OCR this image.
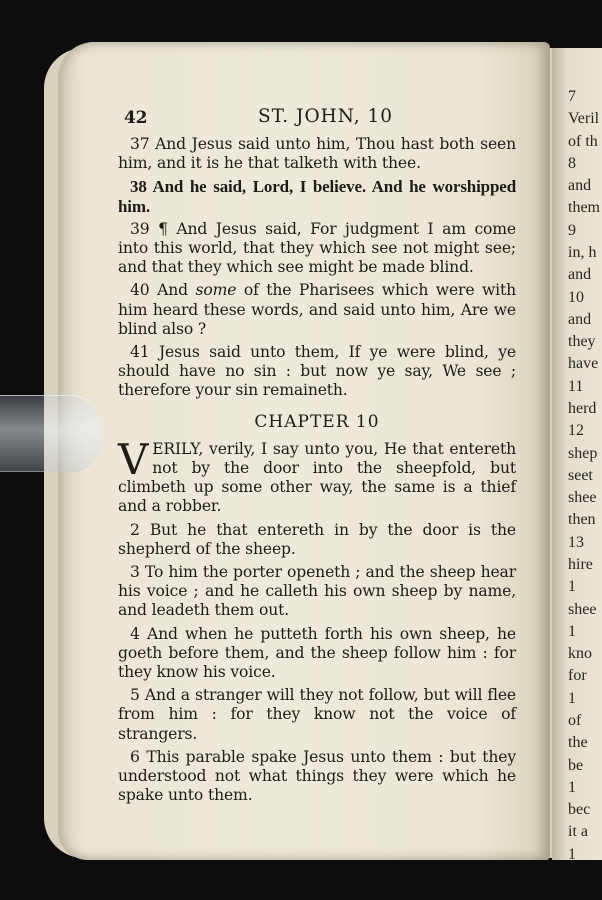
7
Veril
of th
8
and
them
9
in, h
and
10
and
they
have
11
herd
12
shep
seet
shee
then
13
hire
1
shee
1
kno
for
1
of
the
be
1
bec
it a
1
42	ST. JOHN, 10

37 And Jesus said unto him, Thou hast both seen him, and it is he that talketh with thee.

38 And he said, Lord, I believe. And he worshipped him.

39 ¶ And Jesus said, For judgment I am come into this world, that they which see not might see; and that they which see might be made blind.

40 And some of the Pharisees which were with him heard these words, and said unto him, Are we blind also ?

41 Jesus said unto them, If ye were blind, ye should have no sin : but now ye say, We see ; therefore your sin remaineth.

CHAPTER 10

VERILY, verily, I say unto you, He that entereth not by the door into the sheepfold, but climbeth up some other way, the same is a thief and a robber.

2 But he that entereth in by the door is the shepherd of the sheep.

3 To him the porter openeth ; and the sheep hear his voice ; and he calleth his own sheep by name, and leadeth them out.

4 And when he putteth forth his own sheep, he goeth before them, and the sheep follow him : for they know his voice.

5 And a stranger will they not follow, but will flee from him : for they know not the voice of strangers.

6 This parable spake Jesus unto them : but they understood not what things they were which he spake unto them.
